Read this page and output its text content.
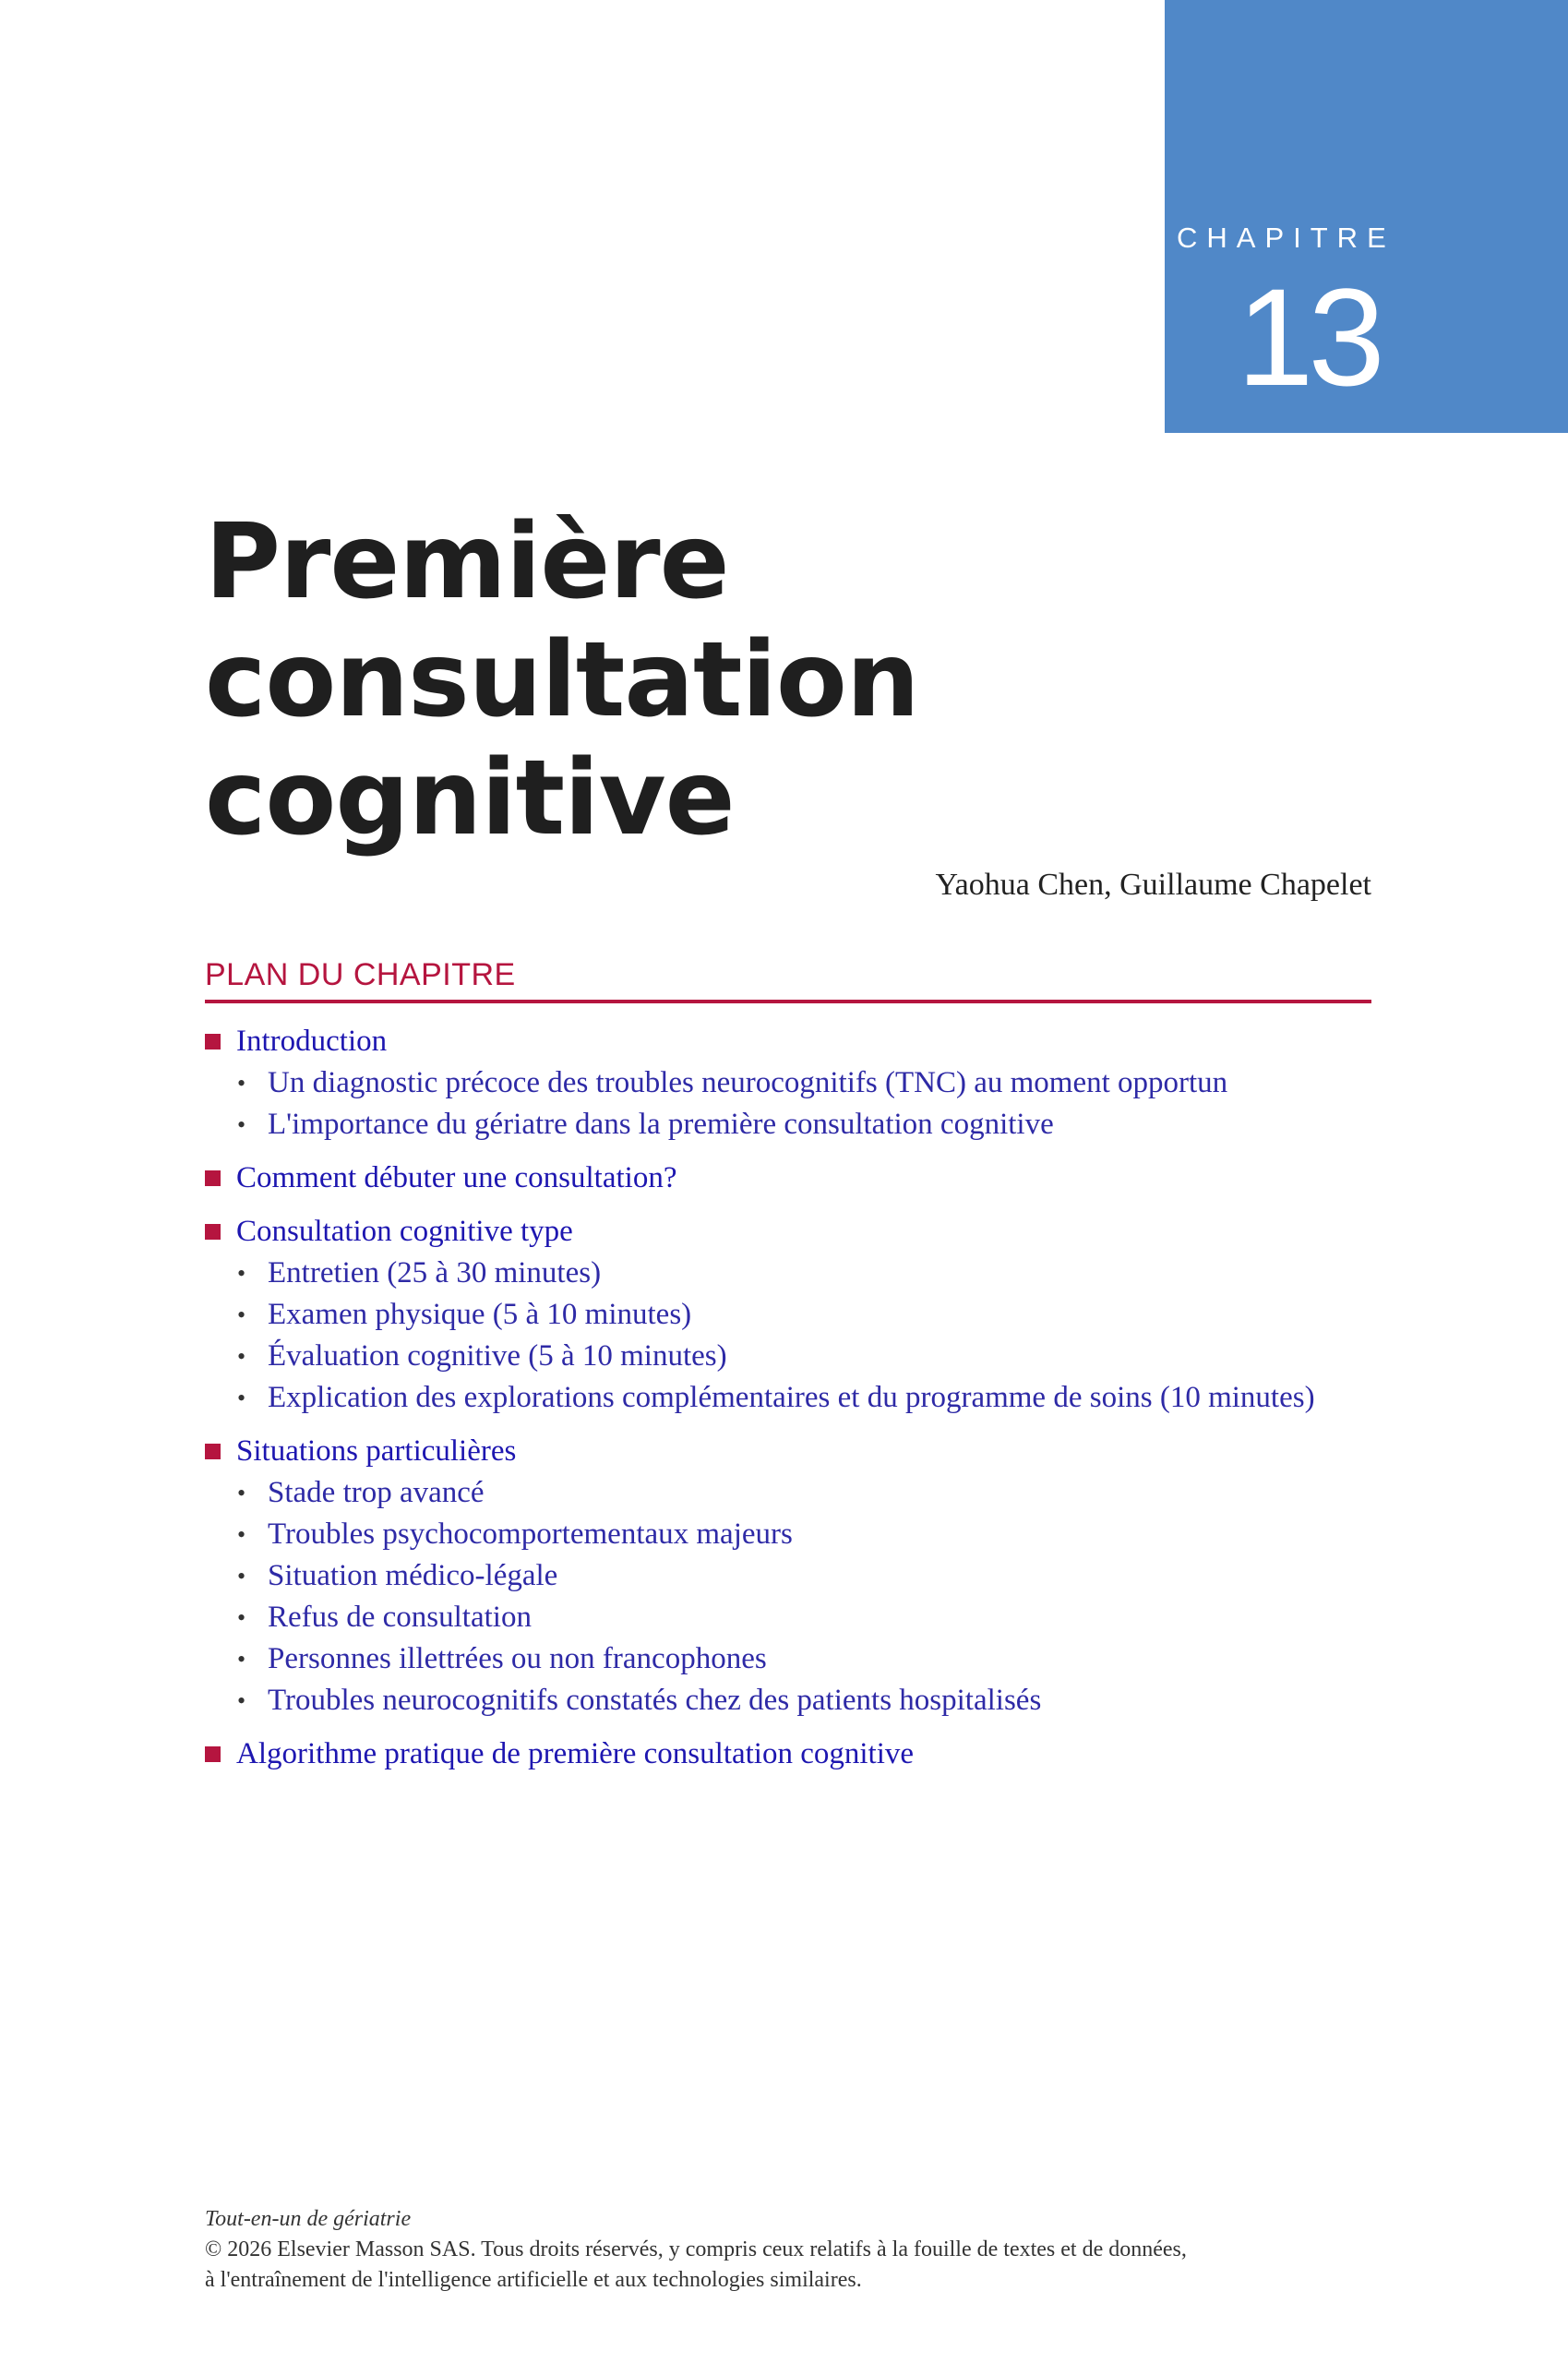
CHAPITRE
13
Première consultation
cognitive
Yaohua Chen, Guillaume Chapelet
PLAN DU CHAPITRE
Introduction
• Un diagnostic précoce des troubles neurocognitifs (TNC) au moment opportun
• L'importance du gériatre dans la première consultation cognitive
Comment débuter une consultation?
Consultation cognitive type
• Entretien (25 à 30 minutes)
• Examen physique (5 à 10 minutes)
• Évaluation cognitive (5 à 10 minutes)
• Explication des explorations complémentaires et du programme de soins (10 minutes)
Situations particulières
• Stade trop avancé
• Troubles psychocomportementaux majeurs
• Situation médico-légale
• Refus de consultation
• Personnes illettrées ou non francophones
• Troubles neurocognitifs constatés chez des patients hospitalisés
Algorithme pratique de première consultation cognitive
Tout-en-un de gériatrie
© 2026 Elsevier Masson SAS. Tous droits réservés, y compris ceux relatifs à la fouille de textes et de données,
à l'entraînement de l'intelligence artificielle et aux technologies similaires.
